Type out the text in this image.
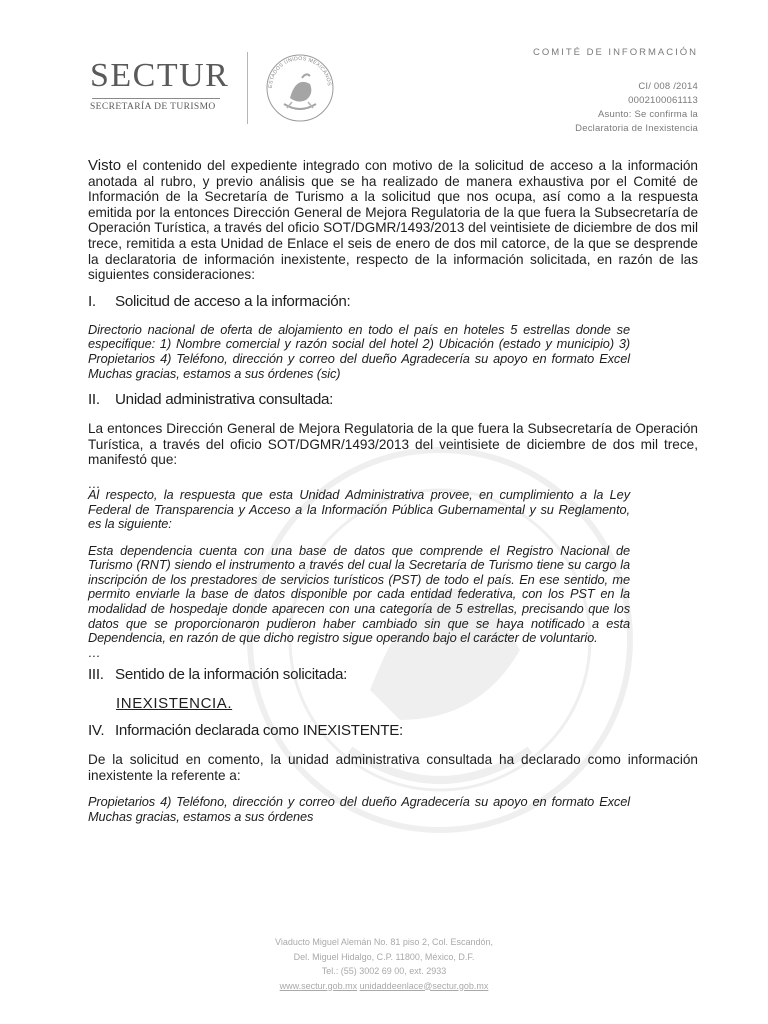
SECTUR
SECRETARÍA DE TURISMO
ESTADOS UNIDOS MEXICANOS
COMITÉ DE INFORMACIÓN
CI/ 008 /2014
0002100061113
Asunto: Se confirma la
Declaratoria de Inexistencia

Visto el contenido del expediente integrado con motivo de la solicitud de acceso a la información anotada al rubro, y previo análisis que se ha realizado de manera exhaustiva por el Comité de Información de la Secretaría de Turismo a la solicitud que nos ocupa, así como a la respuesta emitida por la entonces Dirección General de Mejora Regulatoria de la que fuera la Subsecretaría de Operación Turística, a través del oficio SOT/DGMR/1493/2013 del veintisiete de diciembre de dos mil trece, remitida a esta Unidad de Enlace el seis de enero de dos mil catorce, de la que se desprende la declaratoria de información inexistente, respecto de la información solicitada, en razón de las siguientes consideraciones:

I. Solicitud de acceso a la información:

Directorio nacional de oferta de alojamiento en todo el país en hoteles 5 estrellas donde se especifique: 1) Nombre comercial y razón social del hotel 2) Ubicación (estado y municipio) 3) Propietarios 4) Teléfono, dirección y correo del dueño Agradecería su apoyo en formato Excel Muchas gracias, estamos a sus órdenes (sic)

II. Unidad administrativa consultada:

La entonces Dirección General de Mejora Regulatoria de la que fuera la Subsecretaría de Operación Turística, a través del oficio SOT/DGMR/1493/2013 del veintisiete de diciembre de dos mil trece, manifestó que:

…

Al respecto, la respuesta que esta Unidad Administrativa provee, en cumplimiento a la Ley Federal de Transparencia y Acceso a la Información Pública Gubernamental y su Reglamento, es la siguiente:

Esta dependencia cuenta con una base de datos que comprende el Registro Nacional de Turismo (RNT) siendo el instrumento a través del cual la Secretaría de Turismo tiene su cargo la inscripción de los prestadores de servicios turísticos (PST) de todo el país. En ese sentido, me permito enviarle la base de datos disponible por cada entidad federativa, con los PST en la modalidad de hospedaje donde aparecen con una categoría de 5 estrellas, precisando que los datos que se proporcionaron pudieron haber cambiado sin que se haya notificado a esta Dependencia, en razón de que dicho registro sigue operando bajo el carácter de voluntario.

…

III. Sentido de la información solicitada:
INEXISTENCIA.
IV. Información declarada como INEXISTENTE:

De la solicitud en comento, la unidad administrativa consultada ha declarado como información inexistente la referente a:

Propietarios 4) Teléfono, dirección y correo del dueño Agradecería su apoyo en formato Excel Muchas gracias, estamos a sus órdenes

Viaducto Miguel Alemán No. 81 piso 2, Col. Escandón,
Del. Miguel Hidalgo, C.P. 11800, México, D.F.
Tel.: (55) 3002 69 00, ext. 2933
www.sectur.gob.mx unidaddeenlace@sectur.gob.mx
